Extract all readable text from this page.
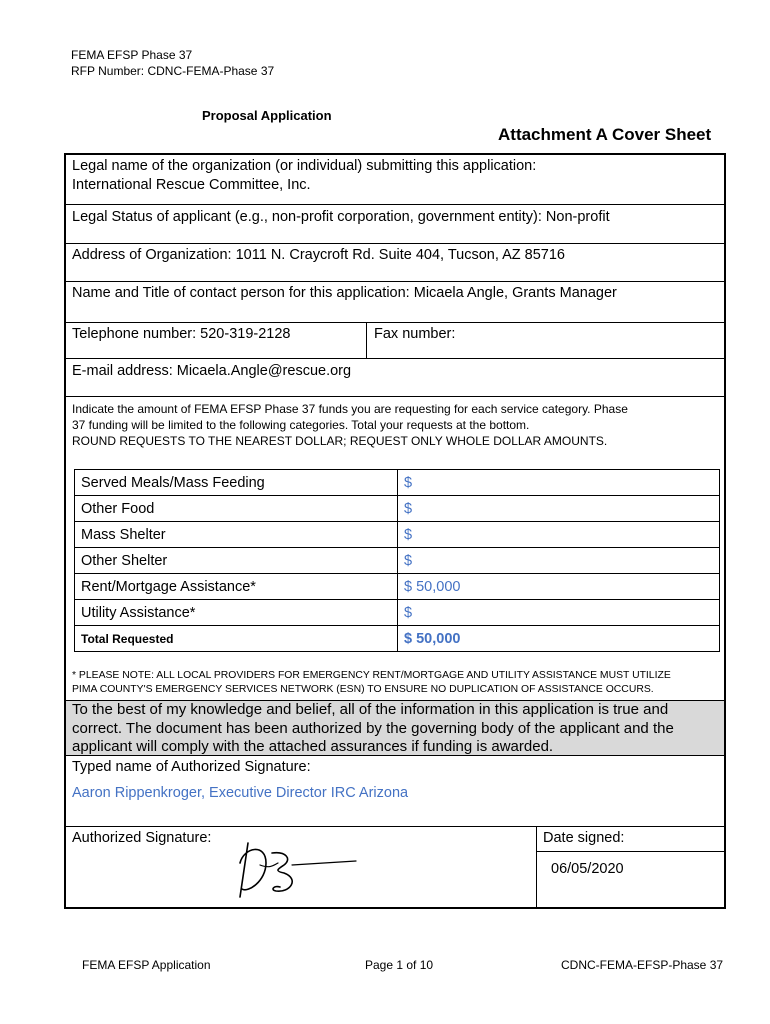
FEMA EFSP Phase 37
RFP Number: CDNC-FEMA-Phase 37
Proposal Application
Attachment A Cover Sheet
Legal name of the organization (or individual) submitting this application:
International Rescue Committee, Inc.
Legal Status of applicant (e.g., non-profit corporation, government entity): Non-profit
Address of Organization: 1011 N. Craycroft Rd. Suite 404, Tucson, AZ 85716
Name and Title of contact person for this application: Micaela Angle, Grants Manager
Telephone number: 520-319-2128	Fax number:
E-mail address: Micaela.Angle@rescue.org
Indicate the amount of FEMA EFSP Phase 37 funds you are requesting for each service category. Phase
37 funding will be limited to the following categories. Total your requests at the bottom.
ROUND REQUESTS TO THE NEAREST DOLLAR; REQUEST ONLY WHOLE DOLLAR AMOUNTS.
Served Meals/Mass Feeding	$
Other Food	$
Mass Shelter	$
Other Shelter	$
Rent/Mortgage Assistance*	$ 50,000
Utility Assistance*	$
Total Requested	$ 50,000
* PLEASE NOTE: ALL LOCAL PROVIDERS FOR EMERGENCY RENT/MORTGAGE AND UTILITY ASSISTANCE MUST UTILIZE
PIMA COUNTY'S EMERGENCY SERVICES NETWORK (ESN) TO ENSURE NO DUPLICATION OF ASSISTANCE OCCURS.
To the best of my knowledge and belief, all of the information in this application is true and
correct. The document has been authorized by the governing body of the applicant and the
applicant will comply with the attached assurances if funding is awarded.
Typed name of Authorized Signature:
Aaron Rippenkroger, Executive Director IRC Arizona
Authorized Signature:	Date signed:
06/05/2020
FEMA EFSP Application	Page 1 of 10	CDNC-FEMA-EFSP-Phase 37
